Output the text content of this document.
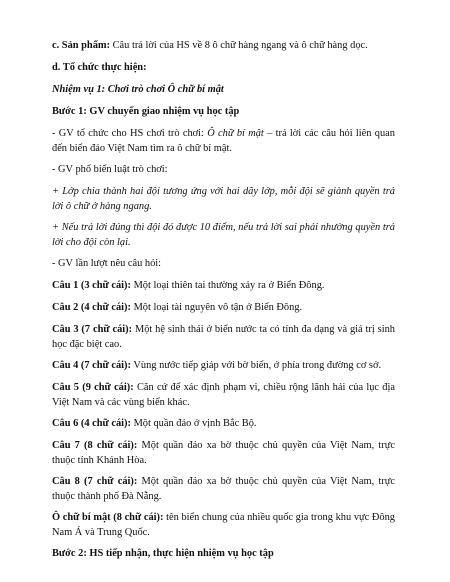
c. Sản phẩm: Câu trả lời của HS về 8 ô chữ hàng ngang và ô chữ hàng dọc.
d. Tổ chức thực hiện:
Nhiệm vụ 1: Chơi trò chơi Ô chữ bí mật
Bước 1: GV chuyển giao nhiệm vụ học tập
- GV tổ chức cho HS chơi trò chơi: Ô chữ bí mật – trả lời các câu hỏi liên quan đến biển đảo Việt Nam tìm ra ô chữ bí mật.
- GV phổ biến luật trò chơi:
+ Lớp chia thành hai đội tương ứng với hai dãy lớp, mỗi đội sẽ giành quyền trả lời ô chữ ở hàng ngang.
+ Nếu trả lời đúng thì đội đó được 10 điểm, nếu trả lời sai phải nhường quyền trả lời cho đội còn lại.
- GV lần lượt nêu câu hỏi:
Câu 1 (3 chữ cái): Một loại thiên tai thường xảy ra ở Biển Đông.
Câu 2 (4 chữ cái): Một loại tài nguyên vô tận ở Biển Đông.
Câu 3 (7 chữ cái): Một hệ sinh thái ở biển nước ta có tính đa dạng và giá trị sinh học đặc biệt cao.
Câu 4 (7 chữ cái): Vùng nước tiếp giáp với bờ biển, ở phía trong đường cơ sở.
Câu 5 (9 chữ cái): Căn cứ để xác định phạm vi, chiều rộng lãnh hải của lục địa Việt Nam và các vùng biển khác.
Câu 6 (4 chữ cái): Một quần đảo ở vịnh Bắc Bộ.
Câu 7 (8 chữ cái): Một quần đảo xa bờ thuộc chủ quyền của Việt Nam, trực thuộc tỉnh Khánh Hòa.
Câu 8 (7 chữ cái): Một quần đảo xa bờ thuộc chủ quyền của Việt Nam, trực thuộc thành phố Đà Nẵng.
Ô chữ bí mật (8 chữ cái): tên biển chung của nhiều quốc gia trong khu vực Đông Nam Á và Trung Quốc.
Bước 2: HS tiếp nhận, thực hiện nhiệm vụ học tập
